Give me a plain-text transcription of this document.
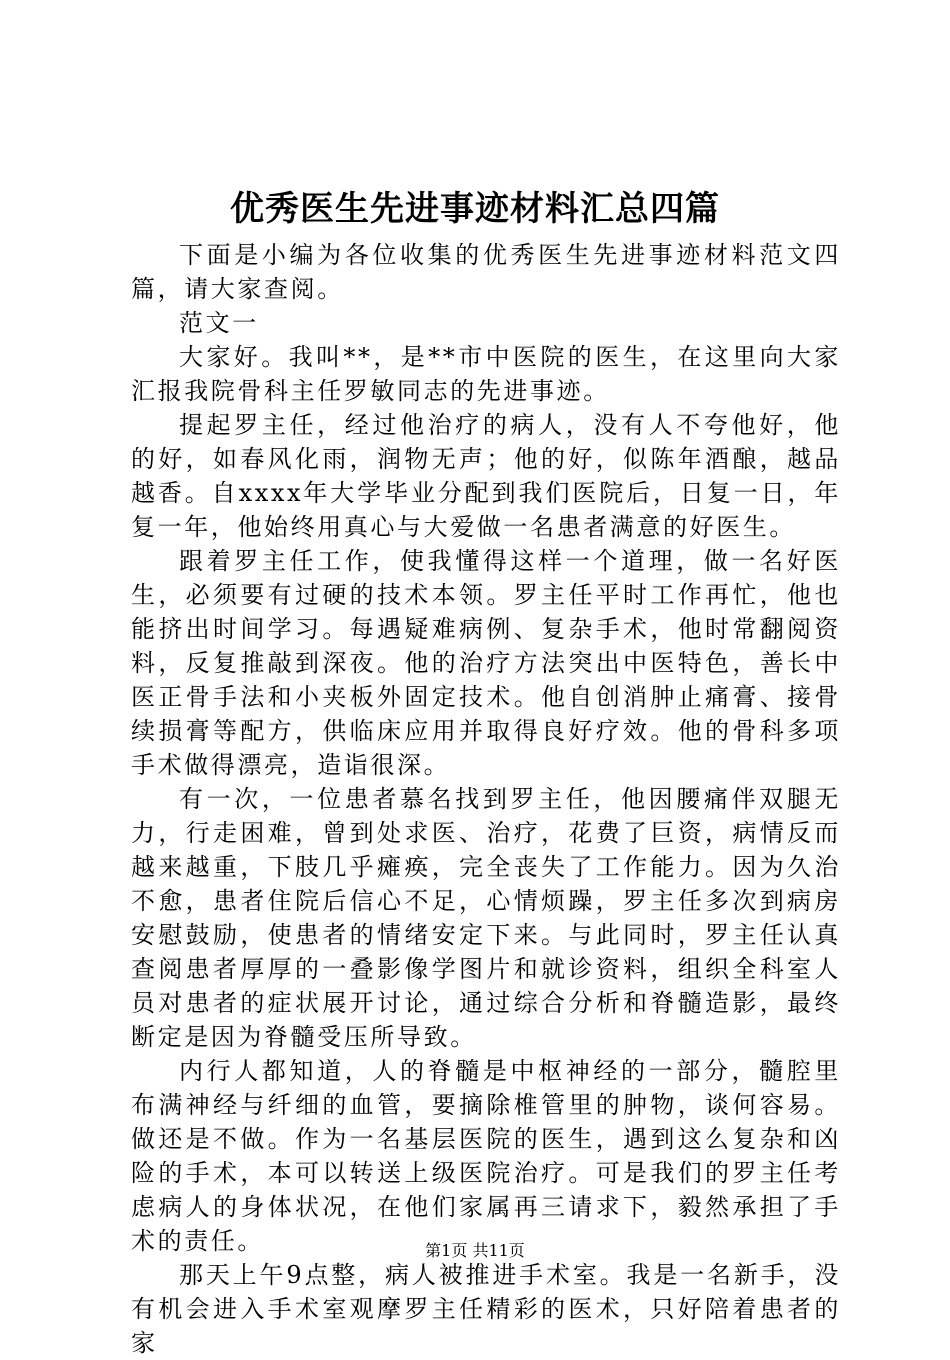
优秀医生先进事迹材料汇总四篇

下面是小编为各位收集的优秀医生先进事迹材料范文四篇，请大家查阅。

范文一

大家好。我叫**，是**市中医院的医生，在这里向大家汇报我院骨科主任罗敏同志的先进事迹。

提起罗主任，经过他治疗的病人，没有人不夸他好，他的好，如春风化雨，润物无声；他的好，似陈年酒酿，越品越香。自xxxx年大学毕业分配到我们医院后，日复一日，年复一年，他始终用真心与大爱做一名患者满意的好医生。

跟着罗主任工作，使我懂得这样一个道理，做一名好医生，必须要有过硬的技术本领。罗主任平时工作再忙，他也能挤出时间学习。每遇疑难病例、复杂手术，他时常翻阅资料，反复推敲到深夜。他的治疗方法突出中医特色，善长中医正骨手法和小夹板外固定技术。他自创消肿止痛膏、接骨续损膏等配方，供临床应用并取得良好疗效。他的骨科多项手术做得漂亮，造诣很深。

有一次，一位患者慕名找到罗主任，他因腰痛伴双腿无力，行走困难，曾到处求医、治疗，花费了巨资，病情反而越来越重，下肢几乎瘫痪，完全丧失了工作能力。因为久治不愈，患者住院后信心不足，心情烦躁，罗主任多次到病房安慰鼓励，使患者的情绪安定下来。与此同时，罗主任认真查阅患者厚厚的一叠影像学图片和就诊资料，组织全科室人员对患者的症状展开讨论，通过综合分析和脊髓造影，最终断定是因为脊髓受压所导致。

内行人都知道，人的脊髓是中枢神经的一部分，髓腔里布满神经与纤细的血管，要摘除椎管里的肿物，谈何容易。做还是不做。作为一名基层医院的医生，遇到这么复杂和凶险的手术，本可以转送上级医院治疗。可是我们的罗主任考虑病人的身体状况，在他们家属再三请求下，毅然承担了手术的责任。

那天上午9点整，病人被推进手术室。我是一名新手，没有机会进入手术室观摩罗主任精彩的医术，只好陪着患者的家

第1页 共11页
